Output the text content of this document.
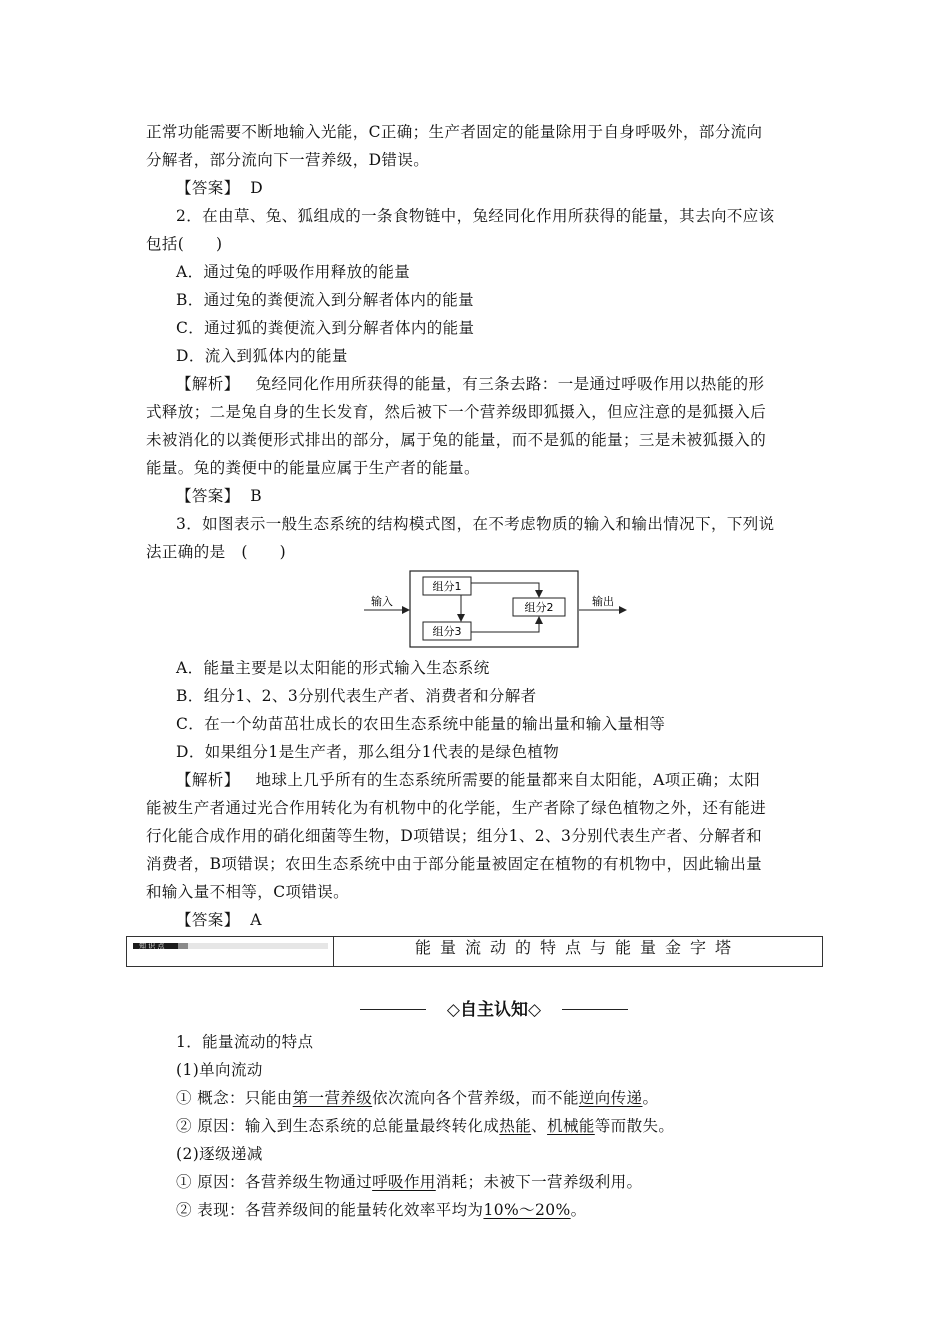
正常功能需要不断地输入光能，C正确；生产者固定的能量除用于自身呼吸外，部分流向
分解者，部分流向下一营养级，D错误。
【答案】 D
2．在由草、兔、狐组成的一条食物链中，兔经同化作用所获得的能量，其去向不应该
包括(　　)
A．通过兔的呼吸作用释放的能量
B．通过兔的粪便流入到分解者体内的能量
C．通过狐的粪便流入到分解者体内的能量
D．流入到狐体内的能量
【解析】 兔经同化作用所获得的能量，有三条去路：一是通过呼吸作用以热能的形
式释放；二是兔自身的生长发育，然后被下一个营养级即狐摄入，但应注意的是狐摄入后
未被消化的以粪便形式排出的部分，属于兔的能量，而不是狐的能量；三是未被狐摄入的
能量。兔的粪便中的能量应属于生产者的能量。
【答案】 B
3．如图表示一般生态系统的结构模式图，在不考虑物质的输入和输出情况下，下列说
法正确的是　(　　)
组分1
组分2
组分3
输入	输出
A．能量主要是以太阳能的形式输入生态系统
B．组分1、2、3分别代表生产者、消费者和分解者
C．在一个幼苗茁壮成长的农田生态系统中能量的输出量和输入量相等
D．如果组分1是生产者，那么组分1代表的是绿色植物
【解析】 地球上几乎所有的生态系统所需要的能量都来自太阳能，A项正确；太阳
能被生产者通过光合作用转化为有机物中的化学能，生产者除了绿色植物之外，还有能进
行化能合成作用的硝化细菌等生物，D项错误；组分1、2、3分别代表生产者、分解者和
消费者，B项错误；农田生态系统中由于部分能量被固定在植物的有机物中，因此输出量
和输入量不相等，C项错误。
【答案】 A
知 识 点	能量流动的特点与能量金字塔
◇自主认知◇
1．能量流动的特点
(1)单向流动
① 概念：只能由第一营养级依次流向各个营养级，而不能逆向传递。
② 原因：输入到生态系统的总能量最终转化成热能、机械能等而散失。
(2)逐级递减
① 原因：各营养级生物通过呼吸作用消耗；未被下一营养级利用。
② 表现：各营养级间的能量转化效率平均为10%～20%。
